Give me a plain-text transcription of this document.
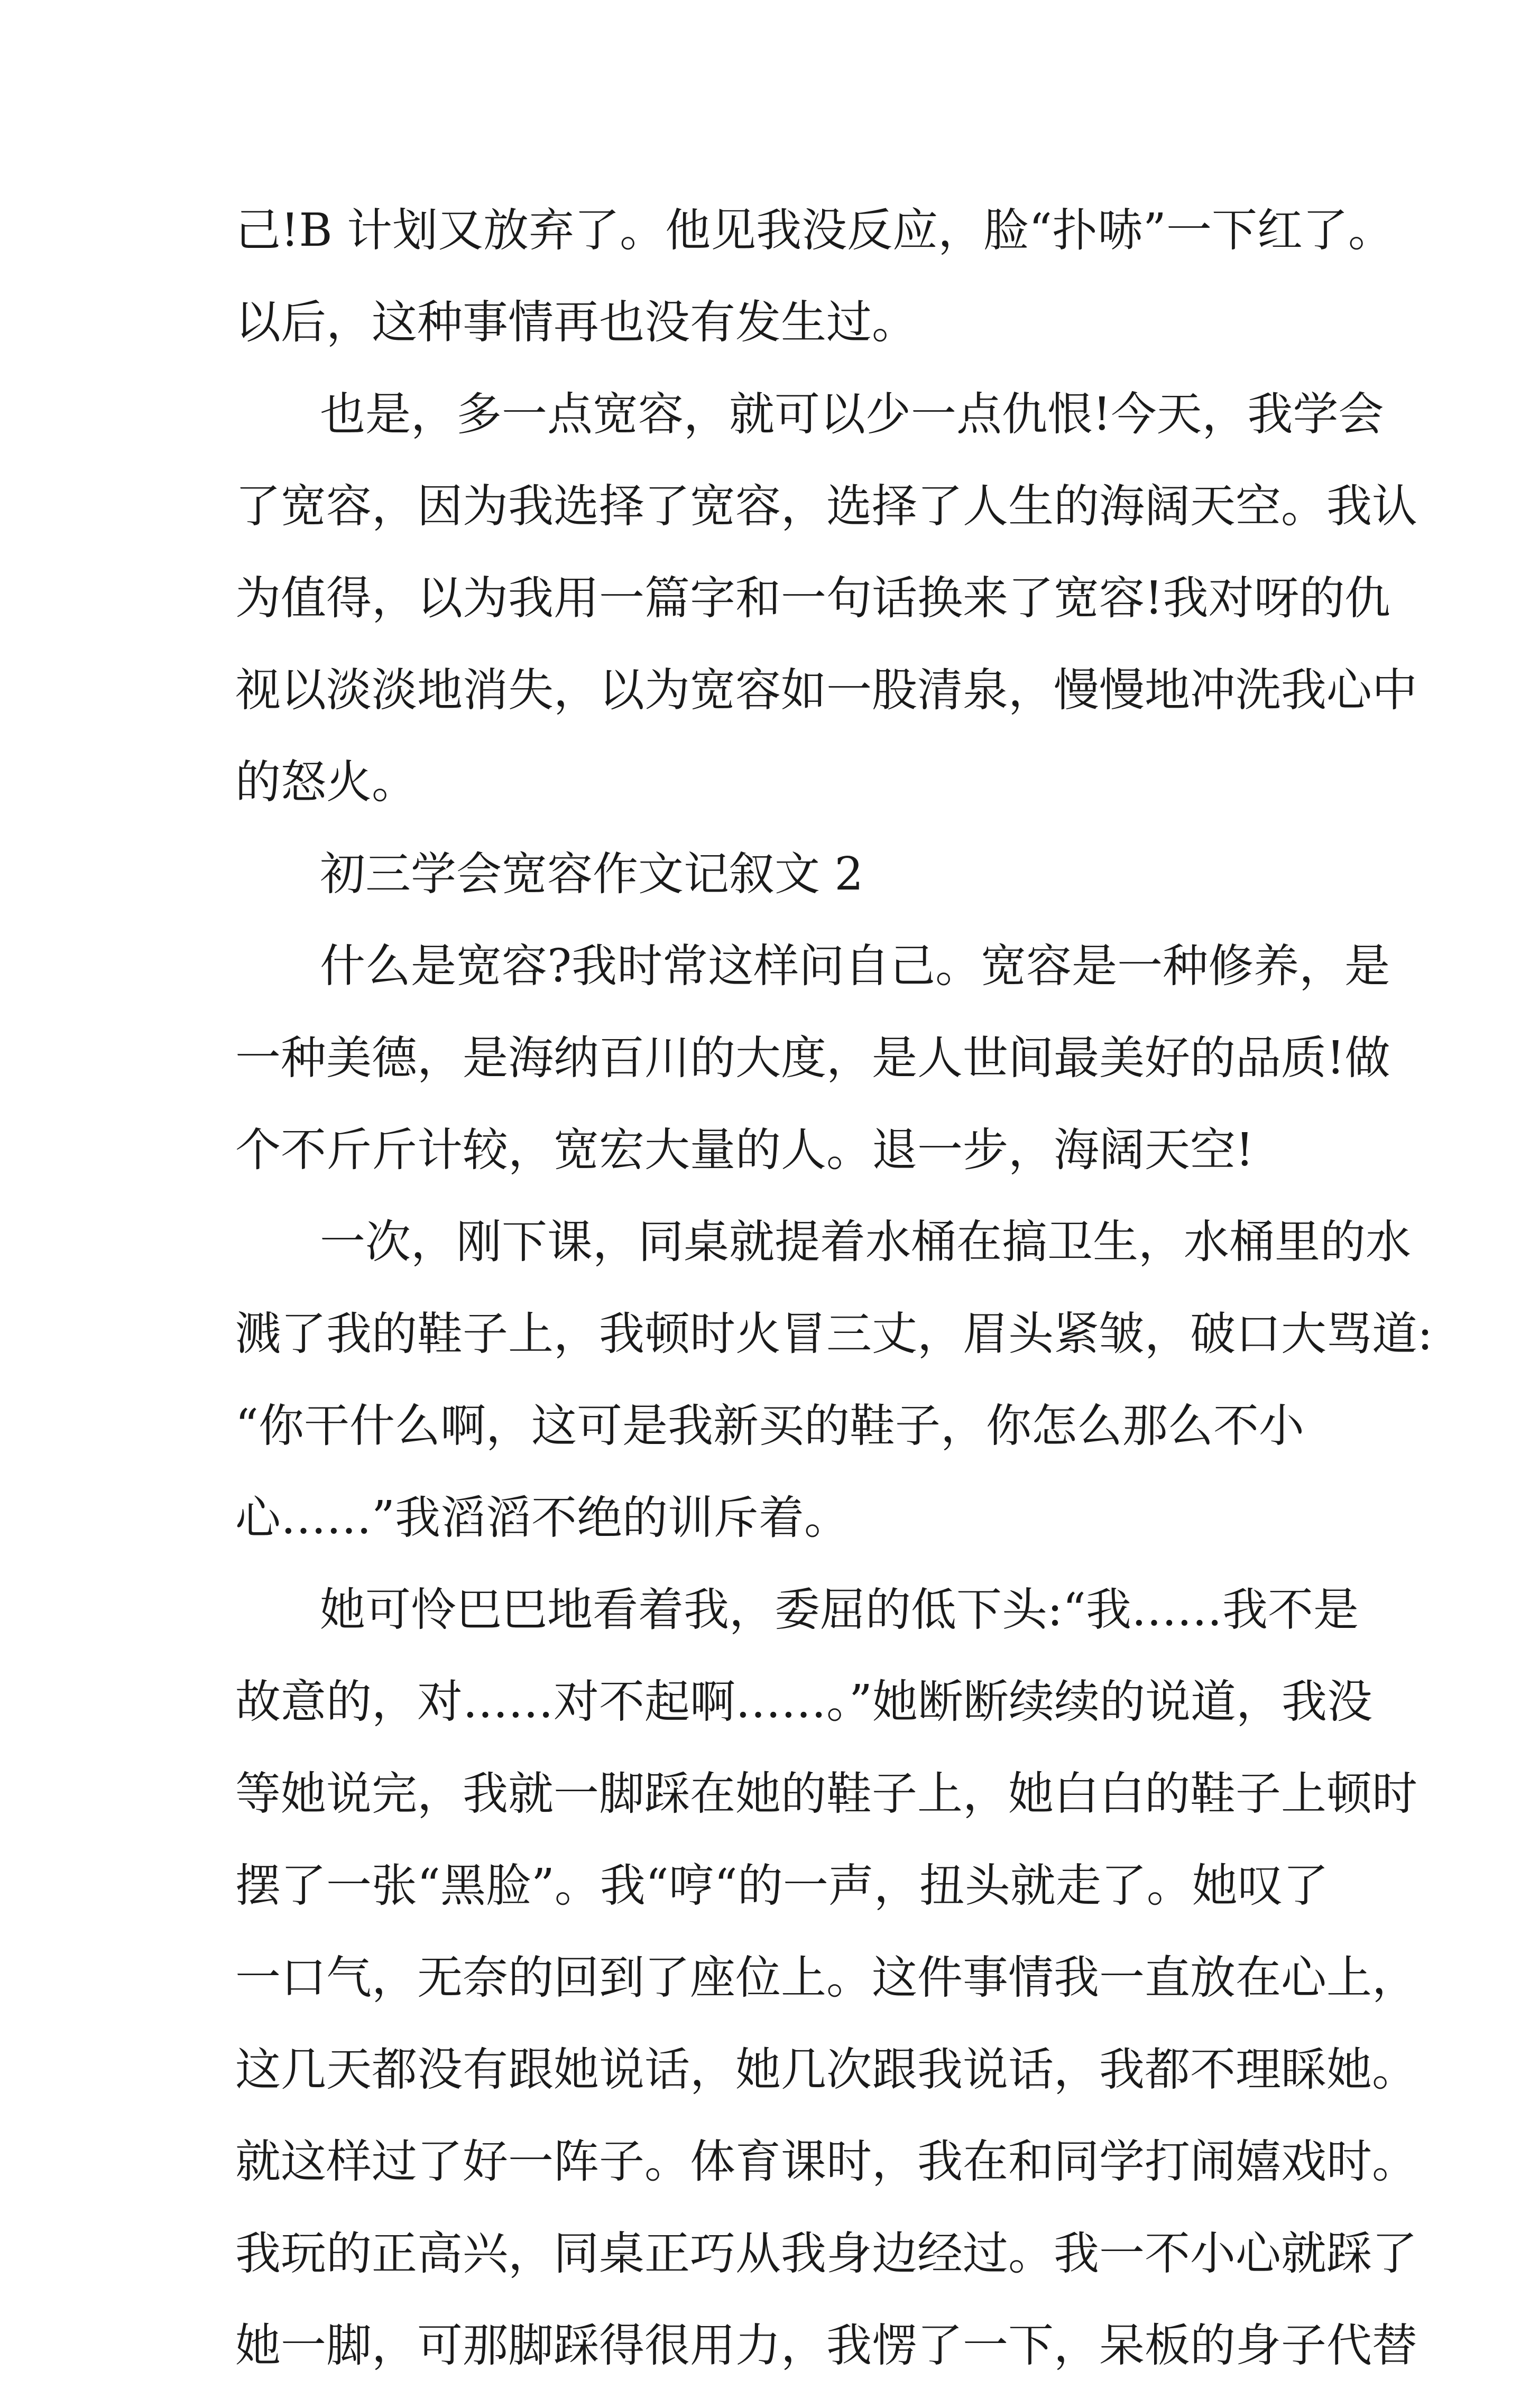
己!B 计划又放弃了。他见我没反应，脸“扑哧”一下红了。
以后，这种事情再也没有发生过。
也是，多一点宽容，就可以少一点仇恨!今天，我学会
了宽容，因为我选择了宽容，选择了人生的海阔天空。我认
为值得，以为我用一篇字和一句话换来了宽容!我对呀的仇
视以淡淡地消失，以为宽容如一股清泉，慢慢地冲洗我心中
的怒火。
初三学会宽容作文记叙文 2
什么是宽容?我时常这样问自己。宽容是一种修养，是
一种美德，是海纳百川的大度，是人世间最美好的品质!做
个不斤斤计较，宽宏大量的人。退一步，海阔天空!
一次，刚下课，同桌就提着水桶在搞卫生，水桶里的水
溅了我的鞋子上，我顿时火冒三丈，眉头紧皱，破口大骂道:
“你干什么啊，这可是我新买的鞋子，你怎么那么不小
心……”我滔滔不绝的训斥着。
她可怜巴巴地看着我，委屈的低下头:“我……我不是
故意的，对……对不起啊……。”她断断续续的说道，我没
等她说完，我就一脚踩在她的鞋子上，她白白的鞋子上顿时
摆了一张“黑脸”。我“哼“的一声，扭头就走了。她叹了
一口气，无奈的回到了座位上。这件事情我一直放在心上，
这几天都没有跟她说话，她几次跟我说话，我都不理睬她。
就这样过了好一阵子。体育课时，我在和同学打闹嬉戏时。
我玩的正高兴，同桌正巧从我身边经过。我一不小心就踩了
她一脚，可那脚踩得很用力，我愣了一下，呆板的身子代替
